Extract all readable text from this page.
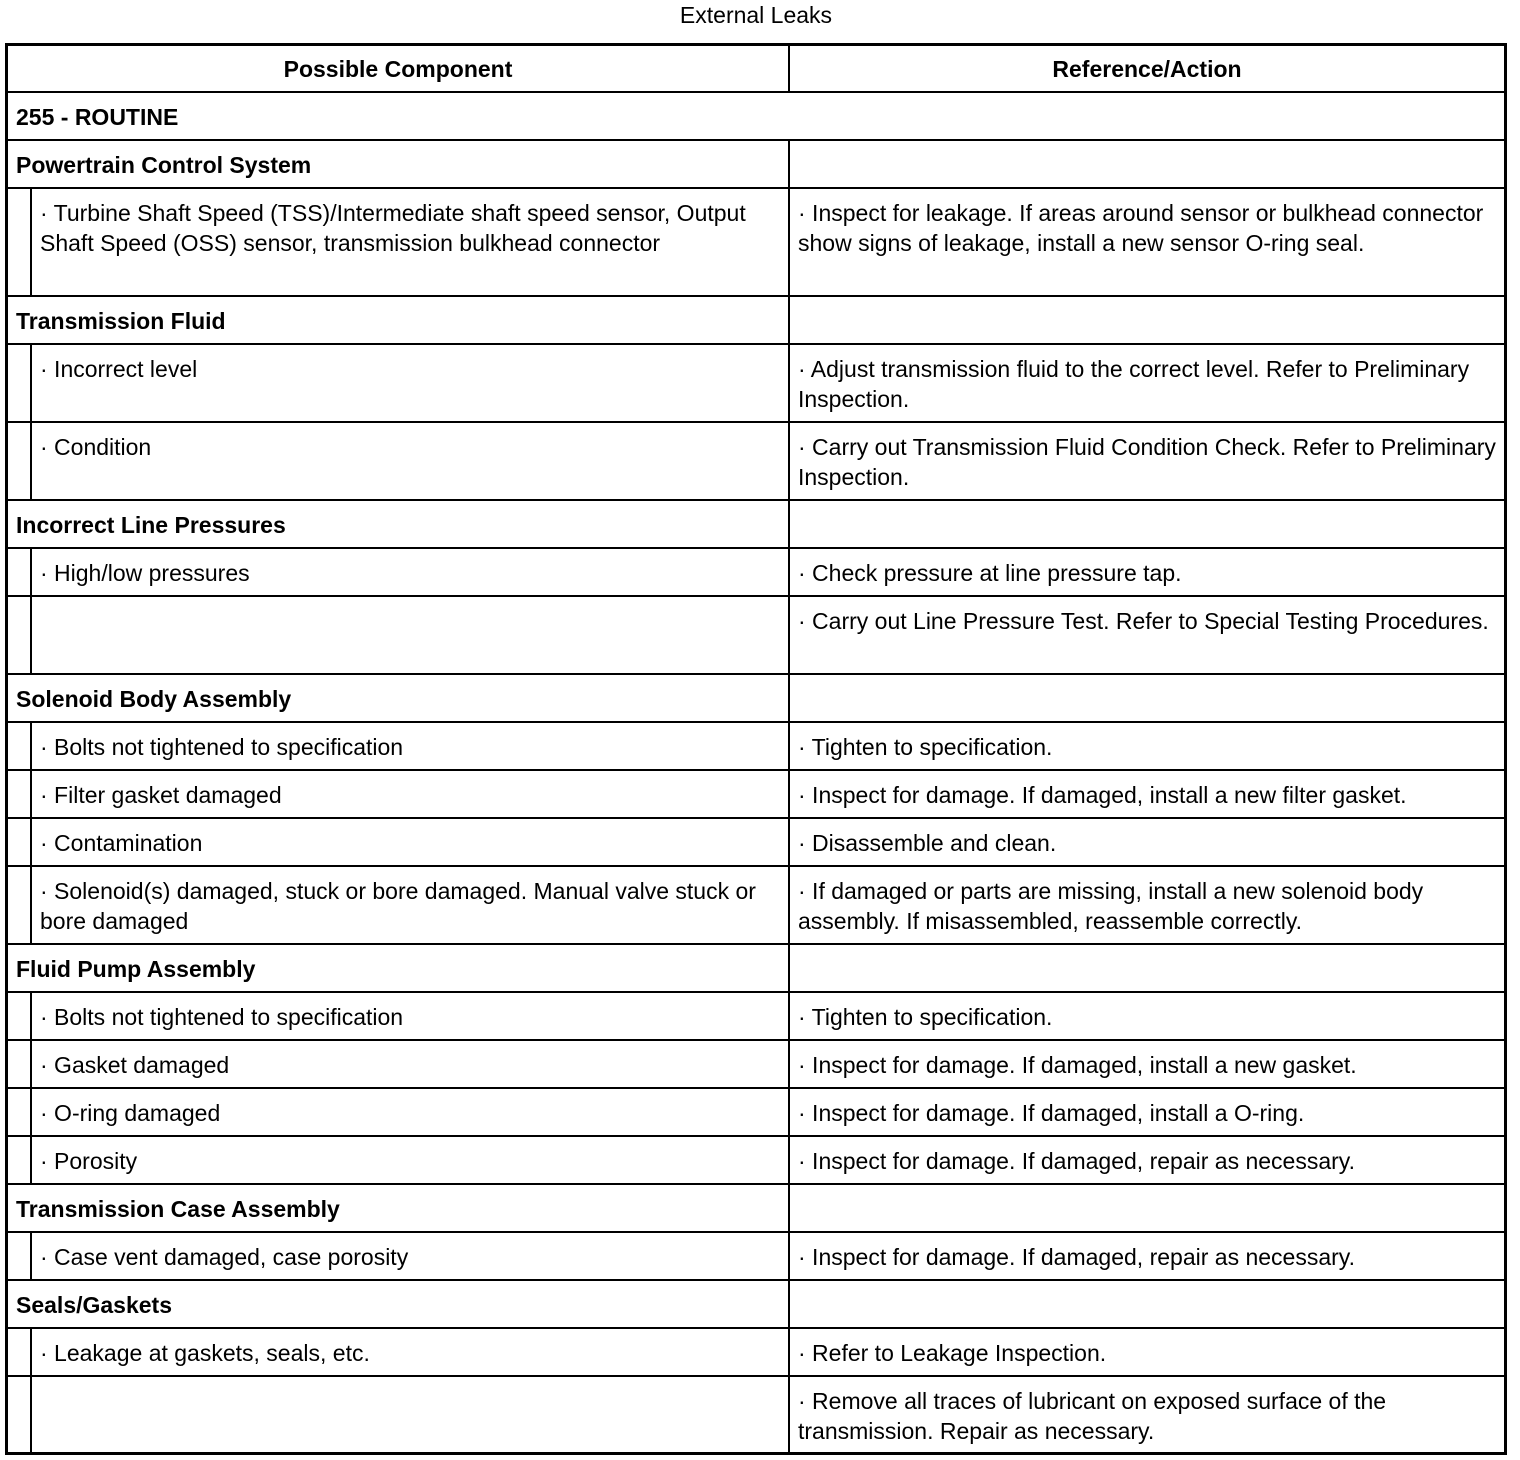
External Leaks
Possible Component		Reference/Action

255 - ROUTINE		

Powertrain Control System		

	· Turbine Shaft Speed (TSS)/Intermediate shaft speed sensor, Output Shaft Speed (OSS) sensor, transmission bulkhead connector	· Inspect for leakage. If areas around sensor or bulkhead connector show signs of leakage, install a new sensor O-ring seal.

Transmission Fluid		

	· Incorrect level	· Adjust transmission fluid to the correct level. Refer to Preliminary Inspection.

	· Condition	· Carry out Transmission Fluid Condition Check. Refer to Preliminary Inspection.

Incorrect Line Pressures		

	· High/low pressures	· Check pressure at line pressure tap.

		· Carry out Line Pressure Test. Refer to Special Testing Procedures.

Solenoid Body Assembly		

	· Bolts not tightened to specification	· Tighten to specification.

	· Filter gasket damaged	· Inspect for damage. If damaged, install a new filter gasket.

	· Contamination	· Disassemble and clean.

	· Solenoid(s) damaged, stuck or bore damaged. Manual valve stuck or bore damaged	· If damaged or parts are missing, install a new solenoid body assembly. If misassembled, reassemble correctly.

Fluid Pump Assembly		

	· Bolts not tightened to specification	· Tighten to specification.

	· Gasket damaged	· Inspect for damage. If damaged, install a new gasket.

	· O-ring damaged	· Inspect for damage. If damaged, install a O-ring.

	· Porosity	· Inspect for damage. If damaged, repair as necessary.

Transmission Case Assembly		

	· Case vent damaged, case porosity	· Inspect for damage. If damaged, repair as necessary.

Seals/Gaskets		

	· Leakage at gaskets, seals, etc.	· Refer to Leakage Inspection.

		· Remove all traces of lubricant on exposed surface of the transmission. Repair as necessary.
